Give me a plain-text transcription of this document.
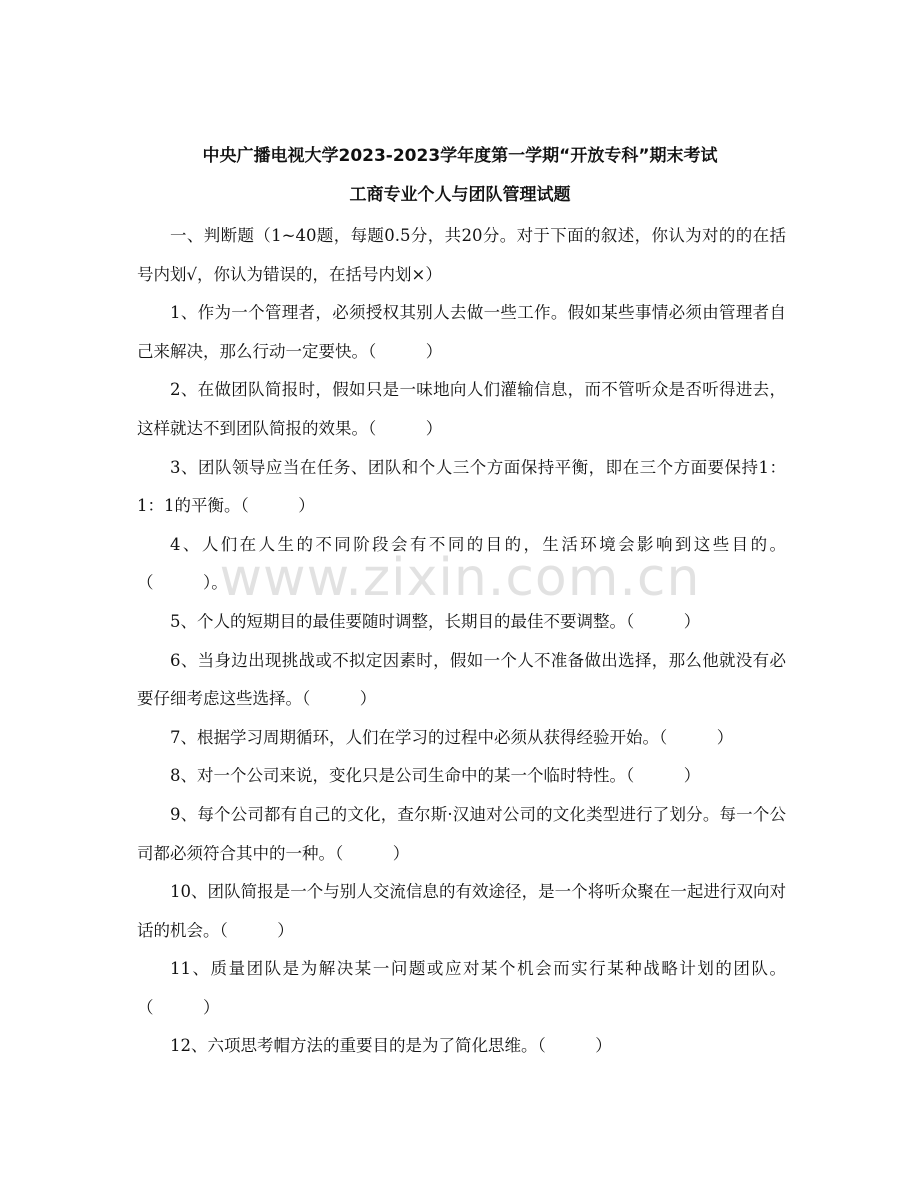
中央广播电视大学2023-2023学年度第一学期“开放专科”期末考试
工商专业个人与团队管理试题

一、判断题（1~40题，每题0.5分，共20分。对于下面的叙述，你认为对的的在括号内划√，你认为错误的，在括号内划×）

1、作为一个管理者，必须授权其别人去做一些工作。假如某些事情必须由管理者自己来解决，那么行动一定要快。（　　　）

2、在做团队简报时，假如只是一味地向人们灌输信息，而不管听众是否听得进去，这样就达不到团队简报的效果。（　　　）

3、团队领导应当在任务、团队和个人三个方面保持平衡，即在三个方面要保持1：1：1的平衡。（　　　）

4、人们在人生的不同阶段会有不同的目的，生活环境会影响到这些目的。（　　　）。

5、个人的短期目的最佳要随时调整，长期目的最佳不要调整。（　　　）

6、当身边出现挑战或不拟定因素时，假如一个人不准备做出选择，那么他就没有必要仔细考虑这些选择。（　　　）

7、根据学习周期循环，人们在学习的过程中必须从获得经验开始。（　　　）

8、对一个公司来说，变化只是公司生命中的某一个临时特性。（　　　）

9、每个公司都有自己的文化，查尔斯·汉迪对公司的文化类型进行了划分。每一个公司都必须符合其中的一种。（　　　）

10、团队简报是一个与别人交流信息的有效途径，是一个将听众聚在一起进行双向对话的机会。（　　　）

11、质量团队是为解决某一问题或应对某个机会而实行某种战略计划的团队。（　　　）

12、六项思考帽方法的重要目的是为了简化思维。（　　　）

www.zixin.com.cn
